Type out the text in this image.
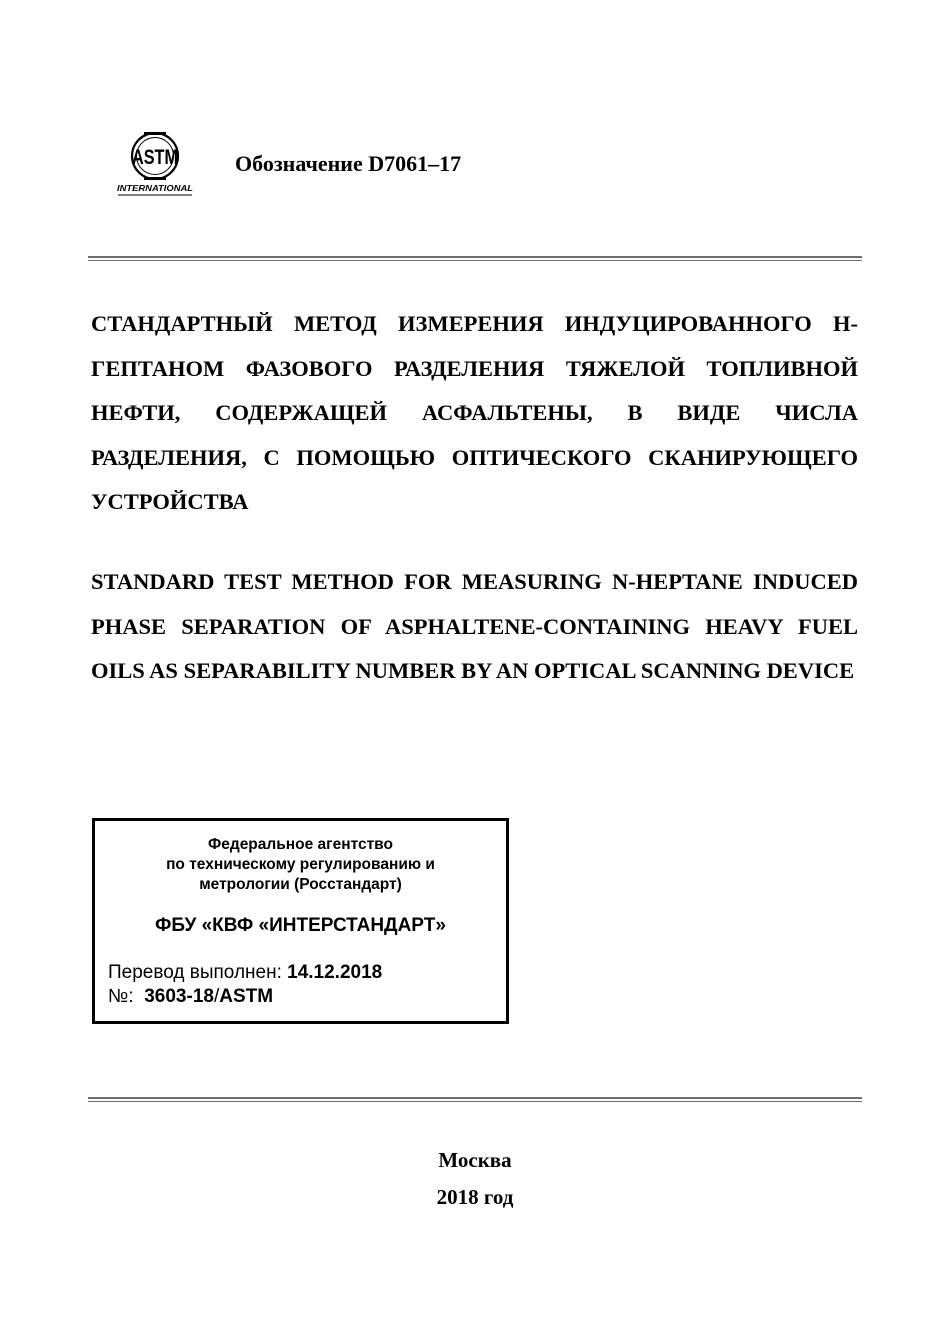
ASTM
INTERNATIONAL
Обозначение D7061–17
СТАНДАРТНЫЙ МЕТОД ИЗМЕРЕНИЯ ИНДУЦИРОВАННОГО Н-ГЕПТАНОМ ФАЗОВОГО РАЗДЕЛЕНИЯ ТЯЖЕЛОЙ ТОПЛИВНОЙ НЕФТИ, СОДЕРЖАЩЕЙ АСФАЛЬТЕНЫ, В ВИДЕ ЧИСЛА РАЗДЕЛЕНИЯ, С ПОМОЩЬЮ ОПТИЧЕСКОГО СКАНИРУЮЩЕГО УСТРОЙСТВА
STANDARD TEST METHOD FOR MEASURING N-HEPTANE INDUCED PHASE SEPARATION OF ASPHALTENE-CONTAINING HEAVY FUEL OILS AS SEPARABILITY NUMBER BY AN OPTICAL SCANNING DEVICE
Федеральное агентство
по техническому регулированию и
метрологии (Росстандарт)
ФБУ «КВФ «ИНТЕРСТАНДАРТ»
Перевод выполнен: 14.12.2018
№: 3603-18/ASTM
Москва
2018 год
